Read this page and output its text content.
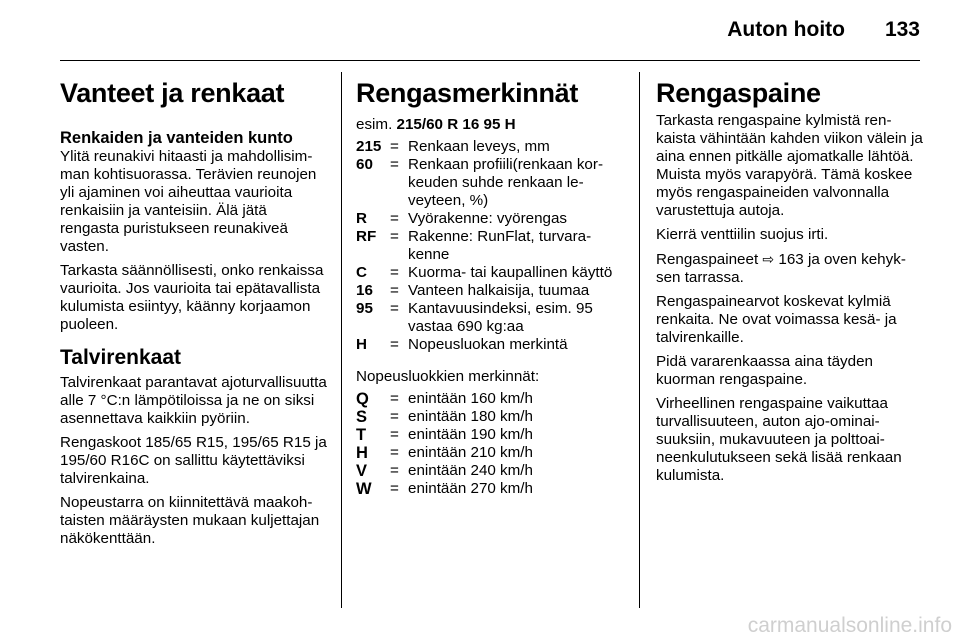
Auton hoito 133
Vanteet ja renkaat
Renkaiden ja vanteiden kunto

Ylitä reunakivi hitaasti ja mahdollisimman kohtisuorassa. Terävien reunojen yli ajaminen voi aiheuttaa vaurioita renkaisiin ja vanteisiin. Älä jätä rengasta puristukseen reunakiveä vasten.

Tarkasta säännöllisesti, onko renkaissa vaurioita. Jos vaurioita tai epätavallista kulumista esiintyy, käänny korjaamon puoleen.

Talvirenkaat

Talvirenkaat parantavat ajoturvallisuutta alle 7 °C:n lämpötiloissa ja ne on siksi asennettava kaikkiin pyöriin.

Rengaskoot 185/65 R15, 195/65 R15 ja 195/60 R16C on sallittu käytettäviksi talvirenkaina.

Nopeustarra on kiinnitettävä maakohtaisten määräysten mukaan kuljettajan näkökenttään.

Rengasmerkinnät

esim. 215/60 R 16 95 H

215 = Renkaan leveys, mm
60	= Renkaan profiili(renkaan korkeuden suhde renkaan leveyteen, %)
R	= Vyörakenne: vyörengas
RF = Rakenne: RunFlat, turvarakenne
C	= Kuorma- tai kaupallinen käyttö
16	= Vanteen halkaisija, tuumaa
95	= Kantavuusindeksi, esim. 95 vastaa 690 kg:aa
H	= Nopeusluokan merkintä

Nopeusluokkien merkinnät:

Q	= enintään 160 km/h
S	= enintään 180 km/h
T	= enintään 190 km/h
H	= enintään 210 km/h
V	= enintään 240 km/h
W	= enintään 270 km/h
Rengaspaine

Tarkasta rengaspaine kylmistä renkaista vähintään kahden viikon välein ja aina ennen pitkälle ajomatkalle lähtöä. Muista myös varapyörä. Tämä koskee myös rengaspaineiden valvonnalla varustettuja autoja.

Kierrä venttiilin suojus irti.

Rengaspaineet ⇨ 163 ja oven kehyksen tarrassa.

Rengaspainearvot koskevat kylmiä renkaita. Ne ovat voimassa kesä- ja talvirenkaille.

Pidä vararenkaassa aina täyden kuorman rengaspaine.

Virheellinen rengaspaine vaikuttaa turvallisuuteen, auton ajo-ominaisuuksiin, mukavuuteen ja polttoaineenkulutukseen sekä lisää renkaan kulumista.

carmanualsonline.info
